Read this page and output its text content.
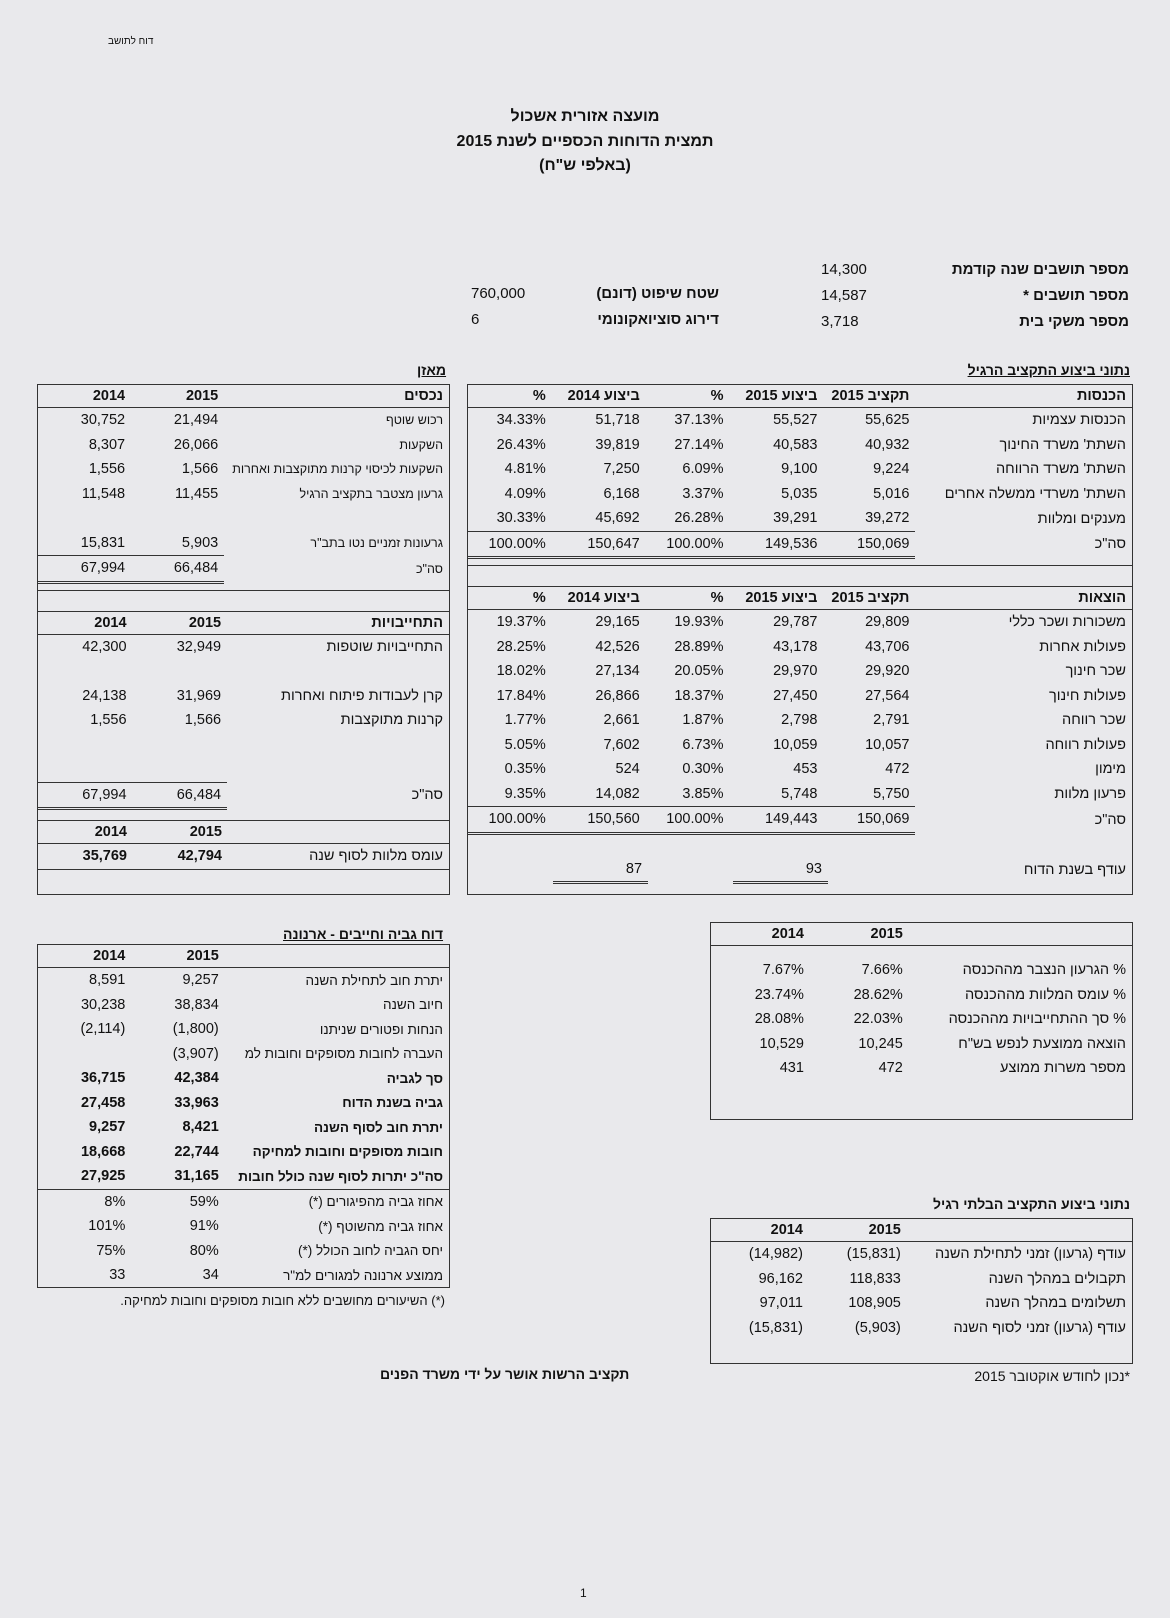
דוח לתושב
מועצה אזורית אשכול
תמצית הדוחות הכספיים לשנת 2015
(באלפי ש"ח)
מספר תושבים שנה קודמת	14,300
מספר תושבים *	14,587
מספר משקי בית	3,718
שטח שיפוט (דונם)	760,000
דירוג סוציואקונומי	6
נתוני ביצוע התקציב הרגיל
מאזן
הכנסות	תקציב 2015	ביצוע 2015	%	ביצוע 2014	%
הכנסות עצמיות	55,625	55,527	37.13%	51,718	34.33%
השתת' משרד החינוך	40,932	40,583	27.14%	39,819	26.43%
השתת' משרד הרווחה	9,224	9,100	6.09%	7,250	4.81%
השתת' משרדי ממשלה אחרים	5,016	5,035	3.37%	6,168	4.09%
מענקים ומלוות	39,272	39,291	26.28%	45,692	30.33%
סה"כ	150,069	149,536	100.00%	150,647	100.00%
הוצאות	תקציב 2015	ביצוע 2015	%	ביצוע 2014	%
משכורות ושכר כללי	29,809	29,787	19.93%	29,165	19.37%
פעולות אחרות	43,706	43,178	28.89%	42,526	28.25%
שכר חינוך	29,920	29,970	20.05%	27,134	18.02%
פעולות חינוך	27,564	27,450	18.37%	26,866	17.84%
שכר רווחה	2,791	2,798	1.87%	2,661	1.77%
פעולות רווחה	10,057	10,059	6.73%	7,602	5.05%
מימון	472	453	0.30%	524	0.35%
פרעון מלוות	5,750	5,748	3.85%	14,082	9.35%
סה"כ	150,069	149,443	100.00%	150,560	100.00%
עודף בשנת הדוח		93		87	
נכסים	2015	2014
רכוש שוטף	21,494	30,752
השקעות	26,066	8,307
השקעות לכיסוי קרנות מתוקצבות ואחרות	1,566	1,556
גרעון מצטבר בתקציב הרגיל	11,455	11,548

גרעונות זמניים נטו בתב"ר	5,903	15,831
סה"כ	66,484	67,994
התחייבויות	2015	2014
התחייבויות שוטפות	32,949	42,300

קרן לעבודות פיתוח ואחרות	31,969	24,138
קרנות מתוקצבות	1,566	1,556

סה"כ	66,484	67,994
	2015	2014
עומס מלוות לסוף שנה	42,794	35,769
	2015	2014

% הגרעון הנצבר מההכנסה	7.66%	7.67%
% עומס המלוות מההכנסה	28.62%	23.74%
% סך ההתחייבויות מההכנסה	22.03%	28.08%
הוצאה ממוצעת לנפש בש"ח	10,245	10,529
מספר משרות ממוצע	472	431
דוח גביה וחייבים - ארנונה
	2015	2014
יתרת חוב לתחילת השנה	9,257	8,591
חיוב השנה	38,834	30,238
הנחות ופטורים שניתנו	(1,800)	(2,114)
העברה לחובות מסופקים וחובות למ	(3,907)	
סך לגביה	42,384	36,715
גביה בשנת הדוח	33,963	27,458
יתרת חוב לסוף השנה	8,421	9,257
חובות מסופקים וחובות למחיקה	22,744	18,668
סה"כ יתרות לסוף שנה כולל חובות	31,165	27,925
אחוז גביה מהפיגורים (*)	59%	8%
אחוז גביה מהשוטף (*)	91%	101%
יחס הגביה לחוב הכולל (*)	80%	75%
ממוצע ארנונה למגורים למ"ר	34	33
(*) השיעורים מחושבים ללא חובות מסופקים וחובות למחיקה.
נתוני ביצוע התקציב הבלתי רגיל
	2015	2014
עודף (גרעון) זמני לתחילת השנה	(15,831)	(14,982)
תקבולים במהלך השנה	118,833	96,162
תשלומים במהלך השנה	108,905	97,011
עודף (גרעון) זמני לסוף השנה	(5,903)	(15,831)
תקציב הרשות אושר על ידי משרד הפנים	*נכון לחודש אוקטובר 2015
1
